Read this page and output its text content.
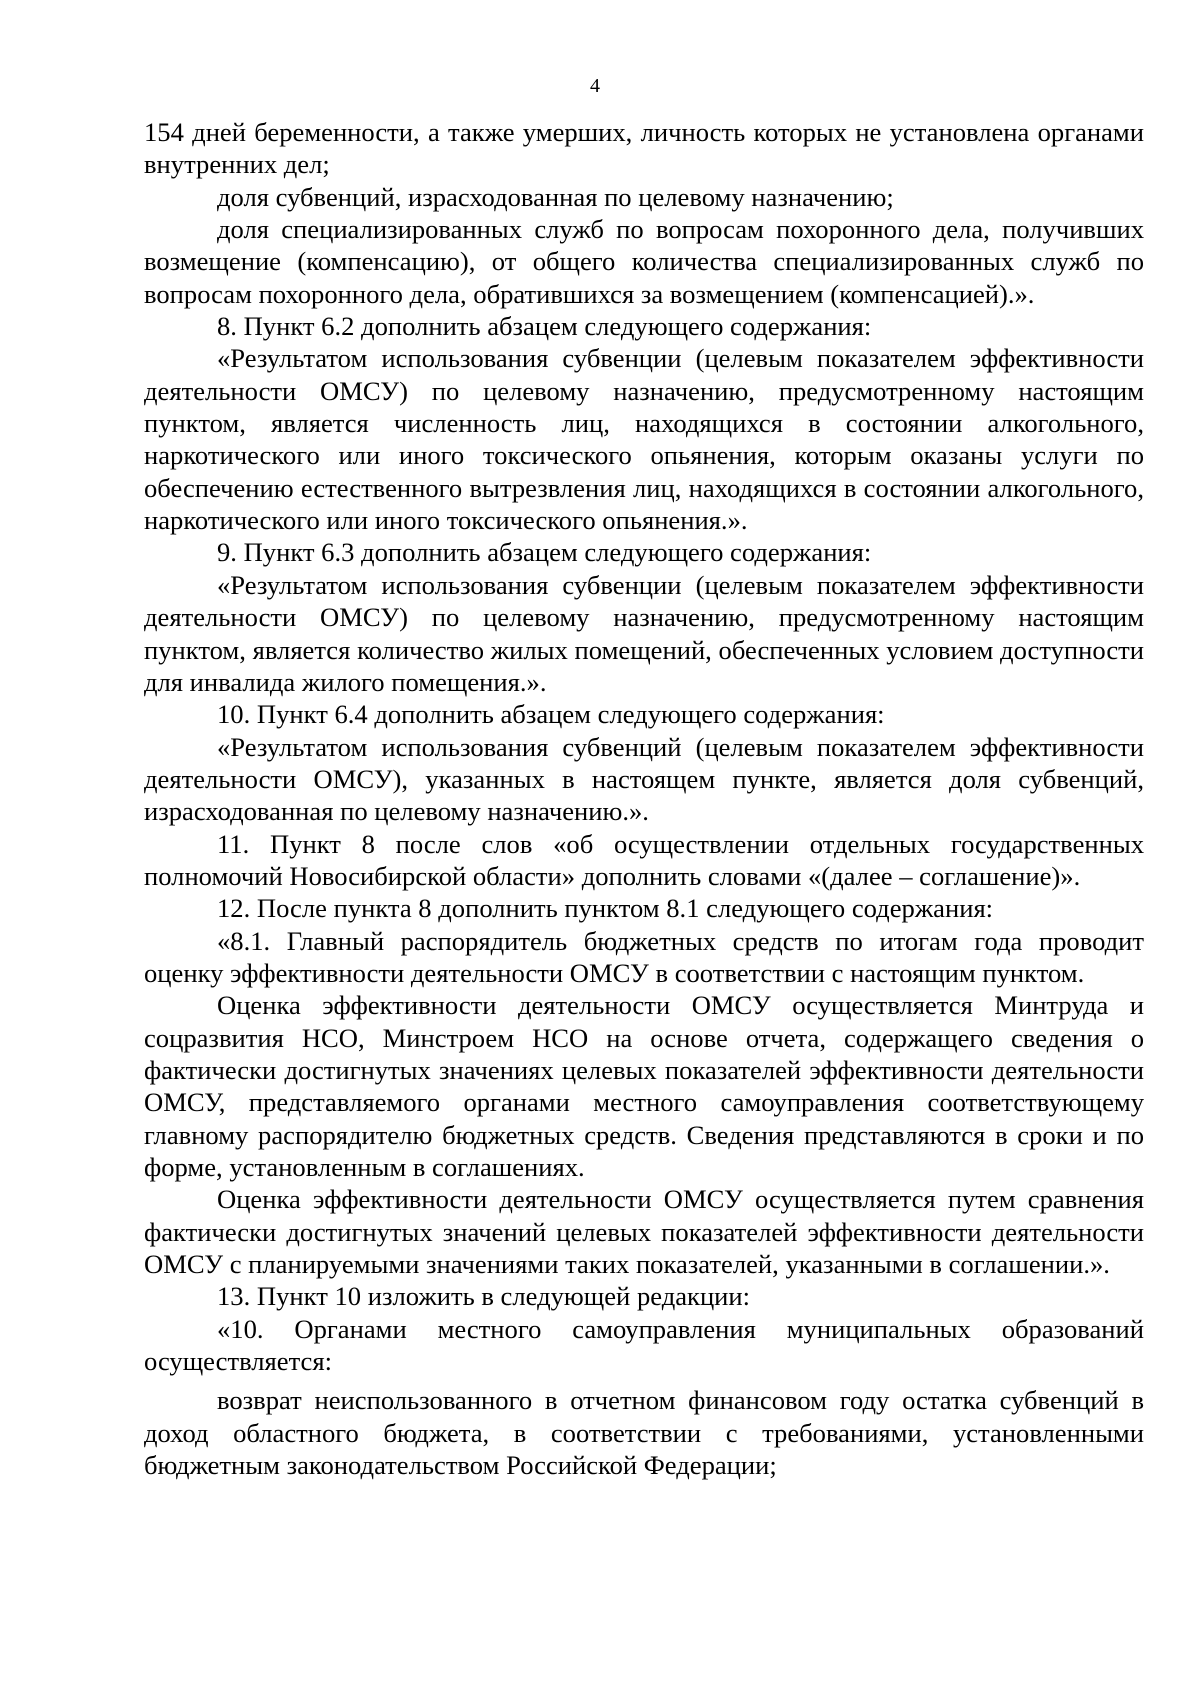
4

154 дней беременности, а также умерших, личность которых не установлена органами внутренних дел;

доля субвенций, израсходованная по целевому назначению;

доля специализированных служб по вопросам похоронного дела, получивших возмещение (компенсацию), от общего количества специализированных служб по вопросам похоронного дела, обратившихся за возмещением (компенсацией).».

8. Пункт 6.2 дополнить абзацем следующего содержания:

«Результатом использования субвенции (целевым показателем эффективности деятельности ОМСУ) по целевому назначению, предусмотренному настоящим пунктом, является численность лиц, находящихся в состоянии алкогольного, наркотического или иного токсического опьянения, которым оказаны услуги по обеспечению естественного вытрезвления лиц, находящихся в состоянии алкогольного, наркотического или иного токсического опьянения.».

9. Пункт 6.3 дополнить абзацем следующего содержания:

«Результатом использования субвенции (целевым показателем эффективности деятельности ОМСУ) по целевому назначению, предусмотренному настоящим пунктом, является количество жилых помещений, обеспеченных условием доступности для инвалида жилого помещения.».

10. Пункт 6.4 дополнить абзацем следующего содержания:

«Результатом использования субвенций (целевым показателем эффективности деятельности ОМСУ), указанных в настоящем пункте, является доля субвенций, израсходованная по целевому назначению.».

11. Пункт 8 после слов «об осуществлении отдельных государственных полномочий Новосибирской области» дополнить словами «(далее – соглашение)».

12. После пункта 8 дополнить пунктом 8.1 следующего содержания:

«8.1. Главный распорядитель бюджетных средств по итогам года проводит оценку эффективности деятельности ОМСУ в соответствии с настоящим пунктом.

Оценка эффективности деятельности ОМСУ осуществляется Минтруда и соцразвития НСО, Минстроем НСО на основе отчета, содержащего сведения о фактически достигнутых значениях целевых показателей эффективности деятельности ОМСУ, представляемого органами местного самоуправления соответствующему главному распорядителю бюджетных средств. Сведения представляются в сроки и по форме, установленным в соглашениях.

Оценка эффективности деятельности ОМСУ осуществляется путем сравнения фактически достигнутых значений целевых показателей эффективности деятельности ОМСУ с планируемыми значениями таких показателей, указанными в соглашении.».

13. Пункт 10 изложить в следующей редакции:

«10. Органами местного самоуправления муниципальных образований осуществляется:

возврат неиспользованного в отчетном финансовом году остатка субвенций в доход областного бюджета, в соответствии с требованиями, установленными бюджетным законодательством Российской Федерации;
